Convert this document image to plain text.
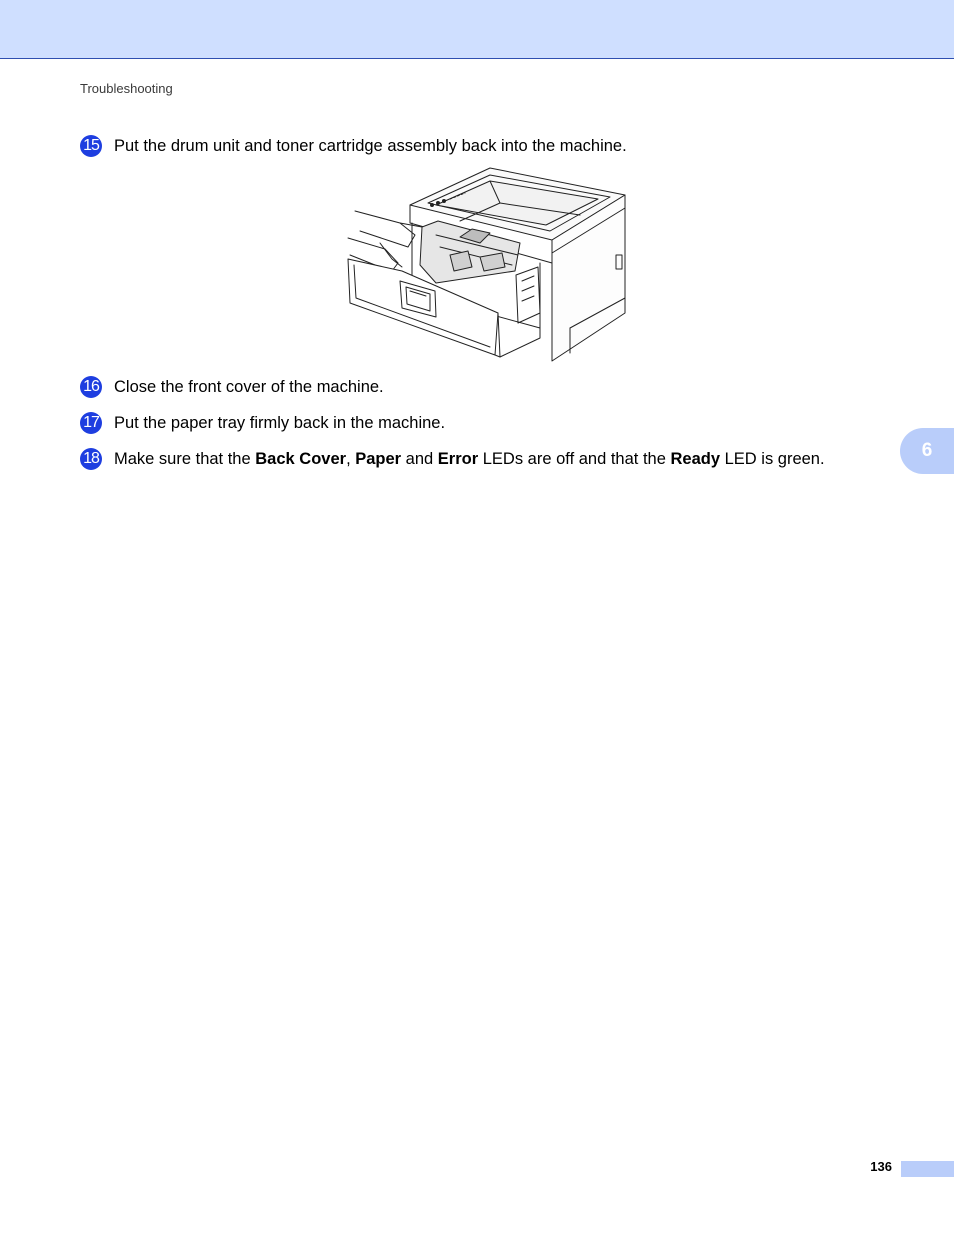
Troubleshooting
15 Put the drum unit and toner cartridge assembly back into the machine.
16 Close the front cover of the machine.
17 Put the paper tray firmly back in the machine.
18 Make sure that the Back Cover, Paper and Error LEDs are off and that the Ready LED is green.	6
136
